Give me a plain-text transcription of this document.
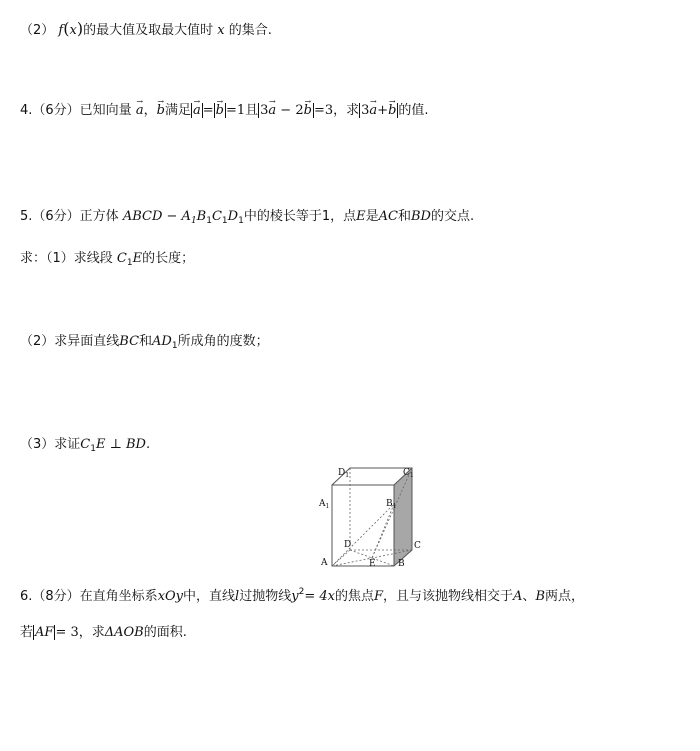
（2） f(x)的最大值及取最大值时 x 的集合.
4.（6分）已知向量 → a，→ b满足 → a = → b =1且 3→ a − 2→ b =3，求 3→ a+→ b 的值.
5.（6分）正方体 ABCD − $A_1B_1C_1D_1$中的棱长等于1，点E是AC和BD的交点.
求：（1）求线段 $C_1E$的长度；
（2）求异面直线BC和$AD_1$所成角的度数；
（3）求证$C_1E$ ⊥ BD.
$D_1$	$C_1$
$A_1$	$B_1$
D	C
A	E B
6.（8分）在直角坐标系xOy中，直线l过抛物线$y^2= 4x$的焦点F，且与该抛物线相交于A、B两点，
若 AF = 3，求ΔAOB的面积.
